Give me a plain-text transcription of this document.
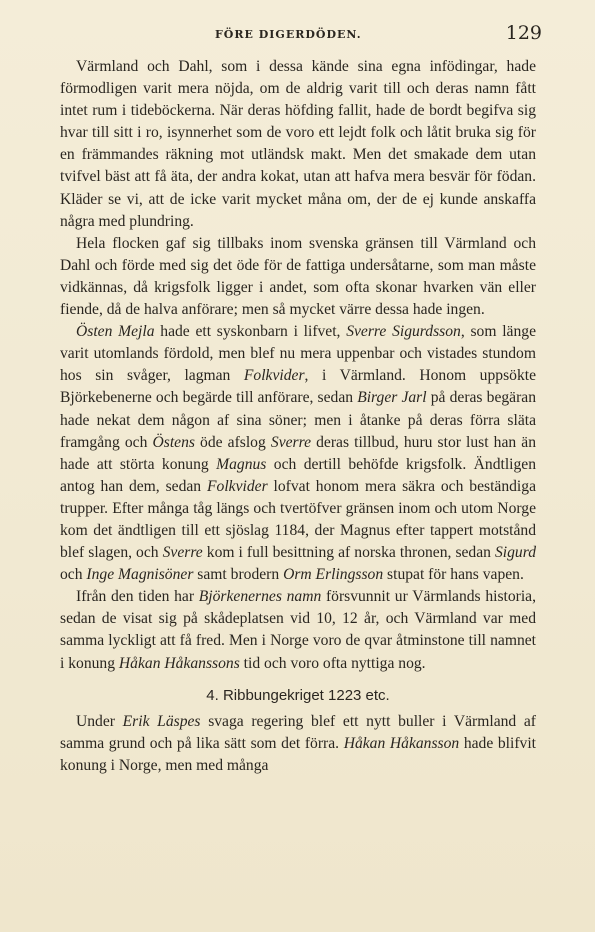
FÖRE DIGERDÖDEN.	129

Värmland och Dahl, som i dessa kände sina egna infödingar, hade förmodligen varit mera nöjda, om de aldrig varit till och deras namn fått intet rum i tideböckerna. När deras höfding fallit, hade de bordt begifva sig hvar till sitt i ro, isynnerhet som de voro ett lejdt folk och låtit bruka sig för en främmandes räkning mot utländsk makt. Men det smakade dem utan tvifvel bäst att få äta, der andra kokat, utan att hafva mera besvär för födan. Kläder se vi, att de icke varit mycket måna om, der de ej kunde anskaffa några med plundring.

Hela flocken gaf sig tillbaks inom svenska gränsen till Värmland och Dahl och förde med sig det öde för de fattiga undersåtarne, som man måste vidkännas, då krigsfolk ligger i andet, som ofta skonar hvarken vän eller fiende, då de halva anförare; men så mycket värre dessa hade ingen.

Östen Mejla hade ett syskonbarn i lifvet, Sverre Sigurdsson, som länge varit utomlands fördold, men blef nu mera uppenbar och vistades stundom hos sin svåger, lagman Folkvider, i Värmland. Honom uppsökte Björkebenerne och begärde till anförare, sedan Birger Jarl på deras begäran hade nekat dem någon af sina söner; men i åtanke på deras förra släta framgång och Östens öde afslog Sverre deras tillbud, huru stor lust han än hade att störta konung Magnus och dertill behöfde krigsfolk. Ändtligen antog han dem, sedan Folkvider lofvat honom mera säkra och beständiga trupper. Efter många tåg längs och tvertöfver gränsen inom och utom Norge kom det ändtligen till ett sjöslag 1184, der Magnus efter tappert motstånd blef slagen, och Sverre kom i full besittning af norska thronen, sedan Sigurd och Inge Magnisöner samt brodern Orm Erlingsson stupat för hans vapen.

Ifrån den tiden har Björkenernes namn försvunnit ur Värmlands historia, sedan de visat sig på skådeplatsen vid 10, 12 år, och Värmland var med samma lyckligt att få fred. Men i Norge voro de qvar åtminstone till namnet i konung Håkan Håkanssons tid och voro ofta nyttiga nog.

4. Ribbungekriget 1223 etc.

Under Erik Läspes svaga regering blef ett nytt buller i Värmland af samma grund och på lika sätt som det förra. Håkan Håkansson hade blifvit konung i Norge, men med många
